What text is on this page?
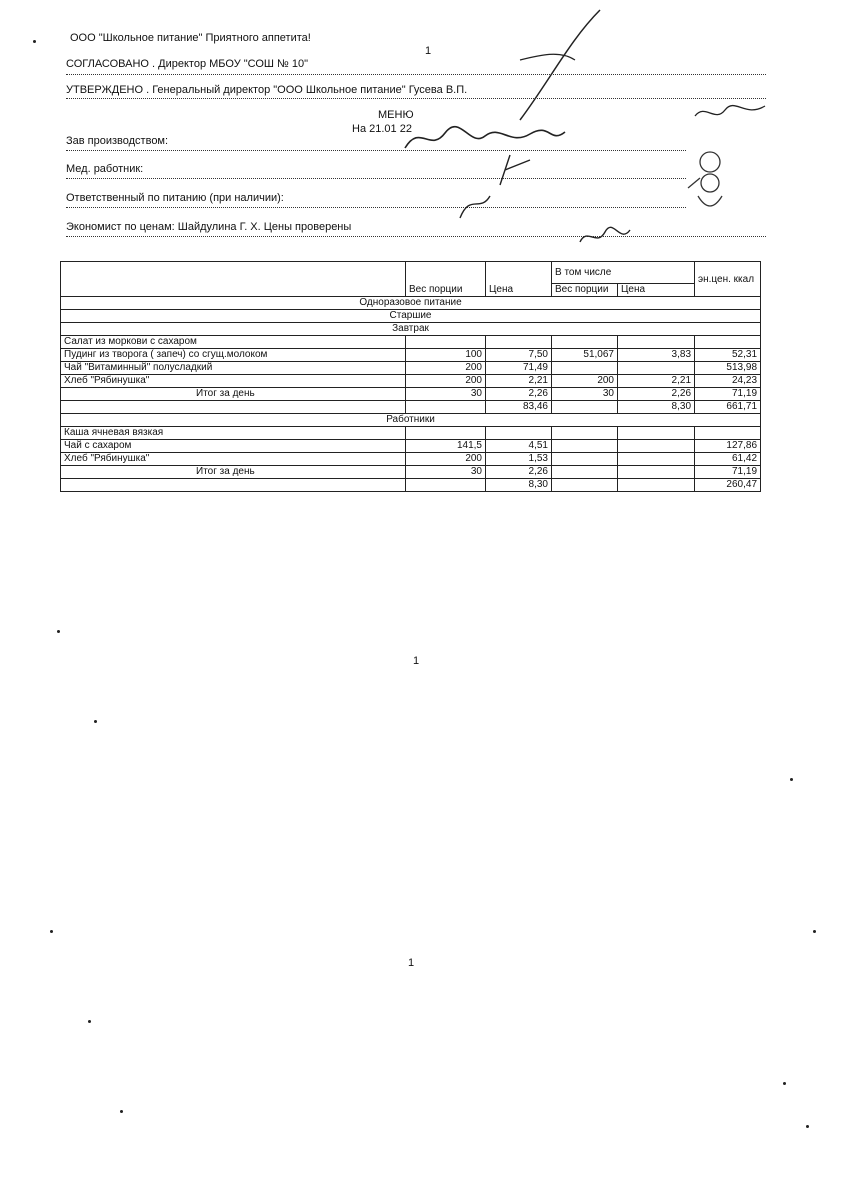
ООО "Школьное питание" Приятного аппетита!
1
СОГЛАСОВАНО . Директор МБОУ "СОШ № 10"
УТВЕРЖДЕНО . Генеральный директор "ООО Школьное питание" Гусева В.П.
МЕНЮ
На 21.01 22
Зав производством:
Мед. работник:
Ответственный по питанию (при наличии):
Экономист по ценам: Шайдулина Г. Х. Цены проверены
	Вес порции	Цена	В том числе		эн.цен. ккал
			Вес порции	Цена	
Одноразовое питание					
Старшие					
Завтрак					
Салат из моркови с сахаром					
Пудинг из творога ( запеч) со сгущ.молоком	100	7,50	51,067	3,83	52,31
Чай "Витаминный" полусладкий	200	71,49			513,98
Хлеб "Рябинушка"	200	2,21	200	2,21	24,23
Итог за день	30	2,26	30	2,26	71,19
		83,46		8,30	661,71
Работники					
Каша ячневая вязкая					
Чай с сахаром	141,5	4,51			127,86
Хлеб "Рябинушка"	200	1,53			61,42
Итог за день	30	2,26			71,19
		8,30			260,47
1
1
